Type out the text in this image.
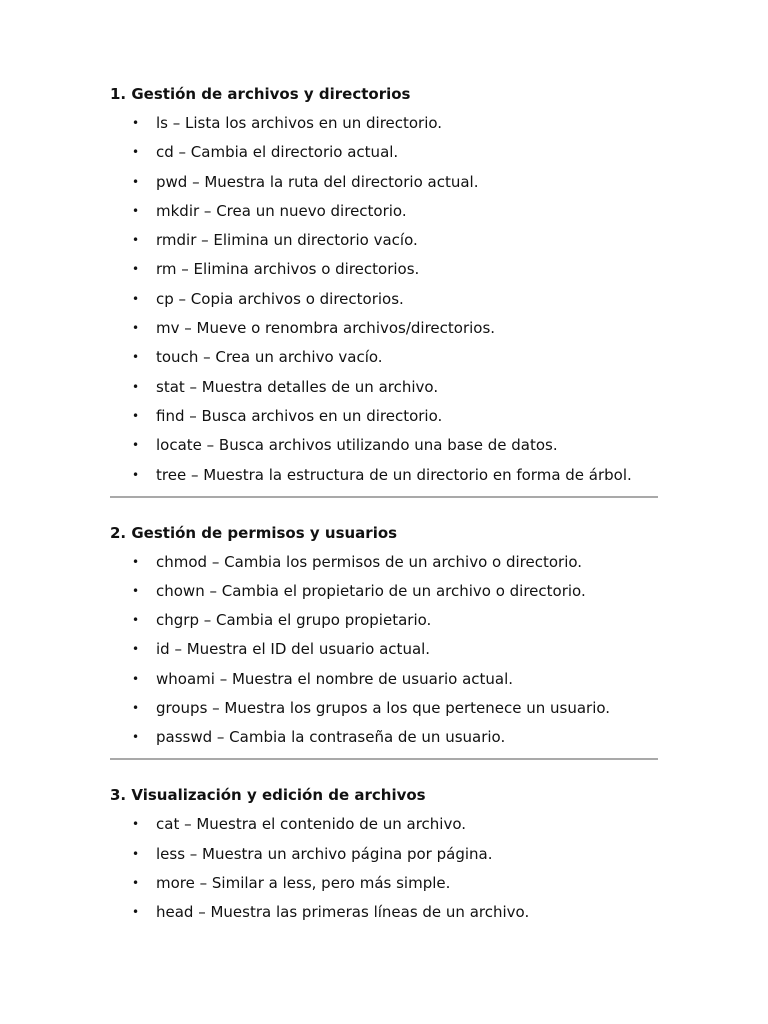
1. Gestión de archivos y directorios
• ls – Lista los archivos en un directorio.
• cd – Cambia el directorio actual.
• pwd – Muestra la ruta del directorio actual.
• mkdir – Crea un nuevo directorio.
• rmdir – Elimina un directorio vacío.
• rm – Elimina archivos o directorios.
• cp – Copia archivos o directorios.
• mv – Mueve o renombra archivos/directorios.
• touch – Crea un archivo vacío.
• stat – Muestra detalles de un archivo.
• find – Busca archivos en un directorio.
• locate – Busca archivos utilizando una base de datos.
• tree – Muestra la estructura de un directorio en forma de árbol.
2. Gestión de permisos y usuarios
• chmod – Cambia los permisos de un archivo o directorio.
• chown – Cambia el propietario de un archivo o directorio.
• chgrp – Cambia el grupo propietario.
• id – Muestra el ID del usuario actual.
• whoami – Muestra el nombre de usuario actual.
• groups – Muestra los grupos a los que pertenece un usuario.
• passwd – Cambia la contraseña de un usuario.
3. Visualización y edición de archivos
• cat – Muestra el contenido de un archivo.
• less – Muestra un archivo página por página.
• more – Similar a less, pero más simple.
• head – Muestra las primeras líneas de un archivo.
